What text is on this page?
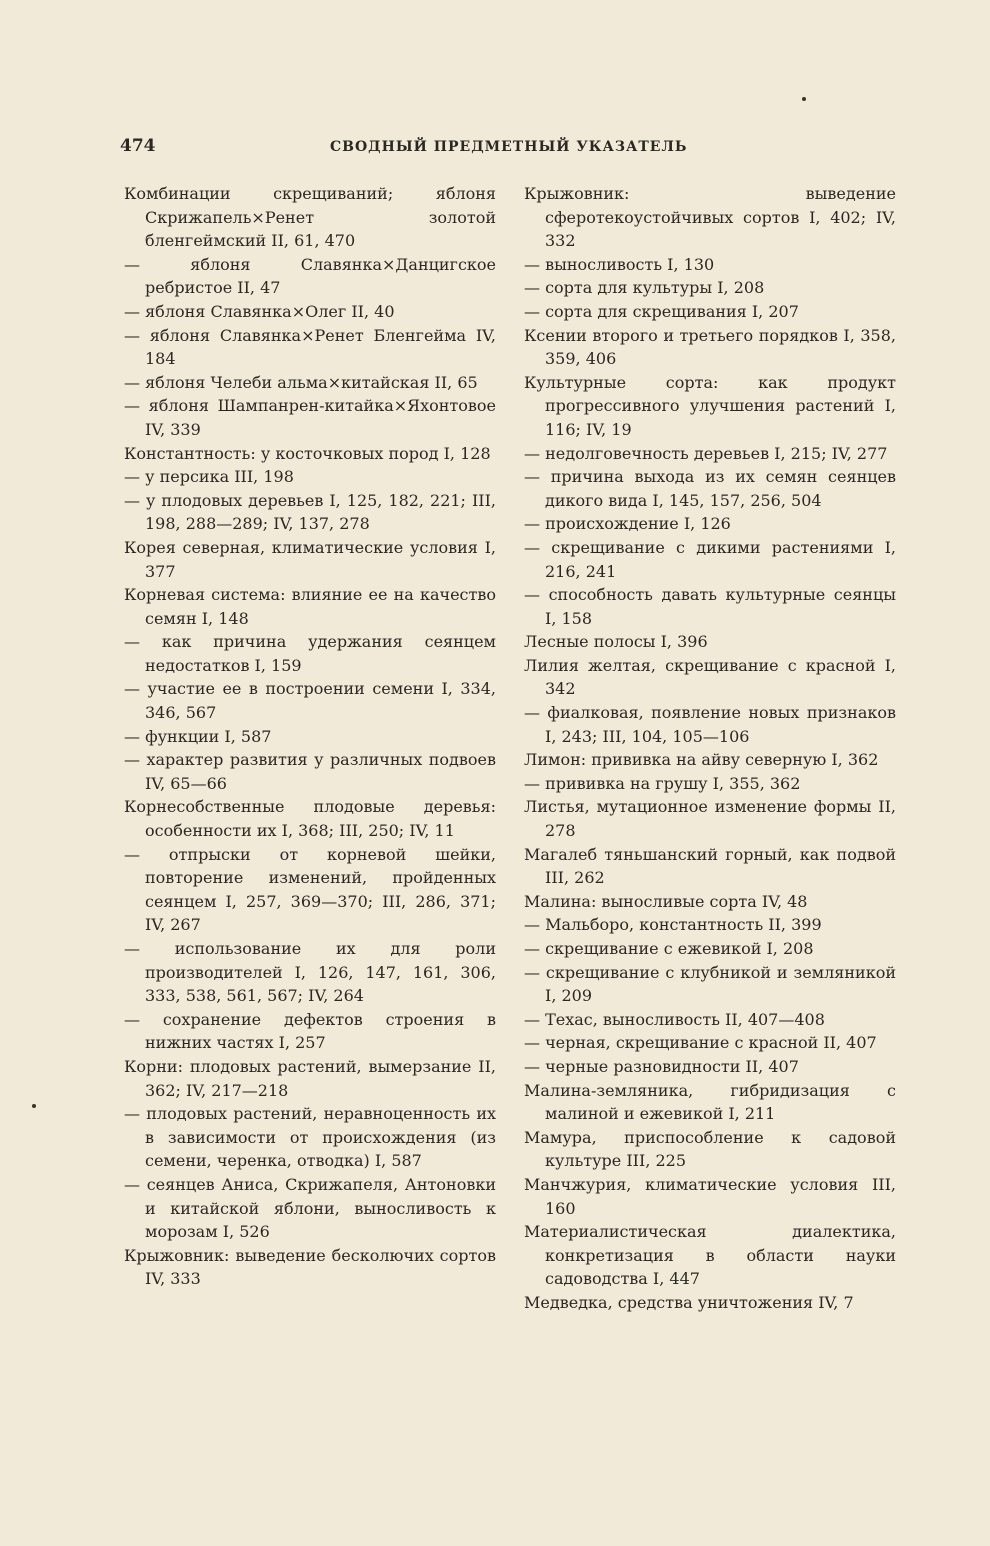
474	СВОДНЫЙ ПРЕДМЕТНЫЙ УКАЗАТЕЛЬ

Комбинации скрещиваний; яблоня Скрижапель×Ренет золотой бленгеймский II, 61, 470

— яблоня Славянка×Данцигское ребристое II, 47

— яблоня Славянка×Олег II, 40

— яблоня Славянка×Ренет Бленгейма IV, 184

— яблоня Челеби альма×китайская II, 65

— яблоня Шампанрен-китайка×Яхонтовое IV, 339

Константность: у косточковых пород I, 128

— у персика III, 198

— у плодовых деревьев I, 125, 182, 221; III, 198, 288—289; IV, 137, 278

Корея северная, климатические условия I, 377

Корневая система: влияние ее на качество семян I, 148

— как причина удержания сеянцем недостатков I, 159

— участие ее в построении семени I, 334, 346, 567

— функции I, 587

— характер развития у различных подвоев IV, 65—66

Корнесобственные плодовые деревья: особенности их I, 368; III, 250; IV, 11

— отпрыски от корневой шейки, повторение изменений, пройденных сеянцем I, 257, 369—370; III, 286, 371; IV, 267

— использование их для роли производителей I, 126, 147, 161, 306, 333, 538, 561, 567; IV, 264

— сохранение дефектов строения в нижних частях I, 257

Корни: плодовых растений, вымерзание II, 362; IV, 217—218

— плодовых растений, неравноценность их в зависимости от происхождения (из семени, черенка, отводка) I, 587

— сеянцев Аниса, Скрижапеля, Антоновки и китайской яблони, выносливость к морозам I, 526

Крыжовник: выведение бесколючих сортов IV, 333

Крыжовник: выведение сферотекоустойчивых сортов I, 402; IV, 332

— выносливость I, 130

— сорта для культуры I, 208

— сорта для скрещивания I, 207

Ксении второго и третьего порядков I, 358, 359, 406

Культурные сорта: как продукт прогрессивного улучшения растений I, 116; IV, 19

— недолговечность деревьев I, 215; IV, 277

— причина выхода из их семян сеянцев дикого вида I, 145, 157, 256, 504

— происхождение I, 126

— скрещивание с дикими растениями I, 216, 241

— способность давать культурные сеянцы I, 158

Лесные полосы I, 396

Лилия желтая, скрещивание с красной I, 342

— фиалковая, появление новых признаков I, 243; III, 104, 105—106

Лимон: прививка на айву северную I, 362

— прививка на грушу I, 355, 362

Листья, мутационное изменение формы II, 278

Магалеб тяньшанский горный, как подвой III, 262

Малина: выносливые сорта IV, 48

— Мальборо, константность II, 399

— скрещивание с ежевикой I, 208

— скрещивание с клубникой и земляникой I, 209

— Техас, выносливость II, 407—408

— черная, скрещивание с красной II, 407

— черные разновидности II, 407

Малина-земляника, гибридизация с малиной и ежевикой I, 211

Мамура, приспособление к садовой культуре III, 225

Манчжурия, климатические условия III, 160

Материалистическая диалектика, конкретизация в области науки садоводства I, 447

Медведка, средства уничтожения IV, 7
